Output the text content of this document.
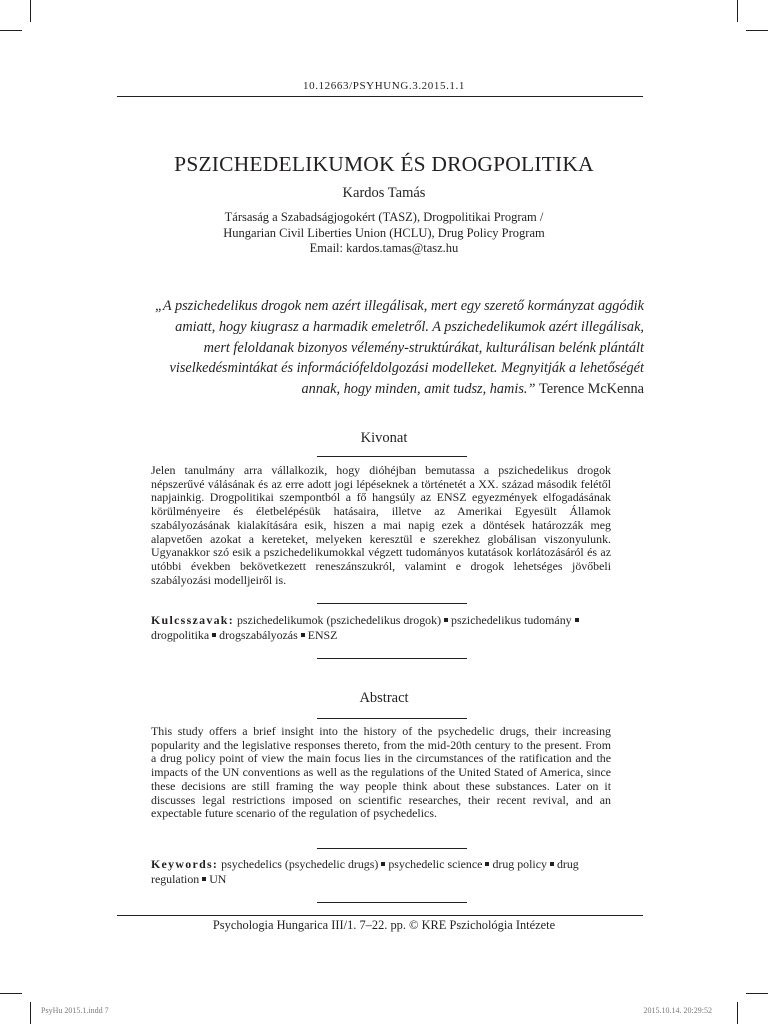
10.12663/PSYHUNG.3.2015.1.1
PSZICHEDELIKUMOK ÉS DROGPOLITIKA
Kardos Tamás
Társaság a Szabadságjogokért (TASZ), Drogpolitikai Program /
Hungarian Civil Liberties Union (HCLU), Drug Policy Program
Email: kardos.tamas@tasz.hu
„A pszichedelikus drogok nem azért illegálisak, mert egy szerető kormányzat aggódik amiatt, hogy kiugrasz a harmadik emeletről. A pszichedelikumok azért illegálisak, mert feloldanak bizonyos vélemény-struktúrákat, kulturálisan belénk plántált viselkedésmintákat és információfeldolgozási modelleket. Megnyitják a lehetőségét annak, hogy minden, amit tudsz, hamis.” Terence McKenna
Kivonat

Jelen tanulmány arra vállalkozik, hogy dióhéjban bemutassa a pszichedelikus drogok népszerűvé válásának és az erre adott jogi lépéseknek a történetét a XX. század második felétől napjainkig. Drogpolitikai szempontból a fő hangsúly az ENSZ egyezmények elfogadásának körülményeire és életbelépésük hatásaira, illetve az Amerikai Egyesült Államok szabályozásának kialakítására esik, hiszen a mai napig ezek a döntések határozzák meg alapvetően azokat a kereteket, melyeken keresztül e szerekhez globálisan viszonyulunk. Ugyanakkor szó esik a pszichedelikumokkal végzett tudományos kutatások korlátozásáról és az utóbbi években bekövetkezett reneszánszukról, valamint e drogok lehetséges jövőbeli szabályozási modelljeiről is.

Kulcsszavak: pszichedelikumok (pszichedelikus drogok) pszichedelikus tudománydrogpolitika drogszabályozás ENSZ
Abstract

This study offers a brief insight into the history of the psychedelic drugs, their increasing popularity and the legislative responses thereto, from the mid-20th century to the present. From a drug policy point of view the main focus lies in the circumstances of the ratification and the impacts of the UN conventions as well as the regulations of the United Stated of America, since these decisions are still framing the way people think about these substances. Later on it discusses legal restrictions imposed on scientific researches, their recent revival, and an expectable future scenario of the regulation of psychedelics.

Keywords: psychedelics (psychedelic drugs) psychedelic science drug policy drug regulation UN
Psychologia Hungarica III/1. 7–22. pp. © KRE Pszichológia Intézete
PsyHu 2015.1.indd 7	2015.10.14. 20:29:52
